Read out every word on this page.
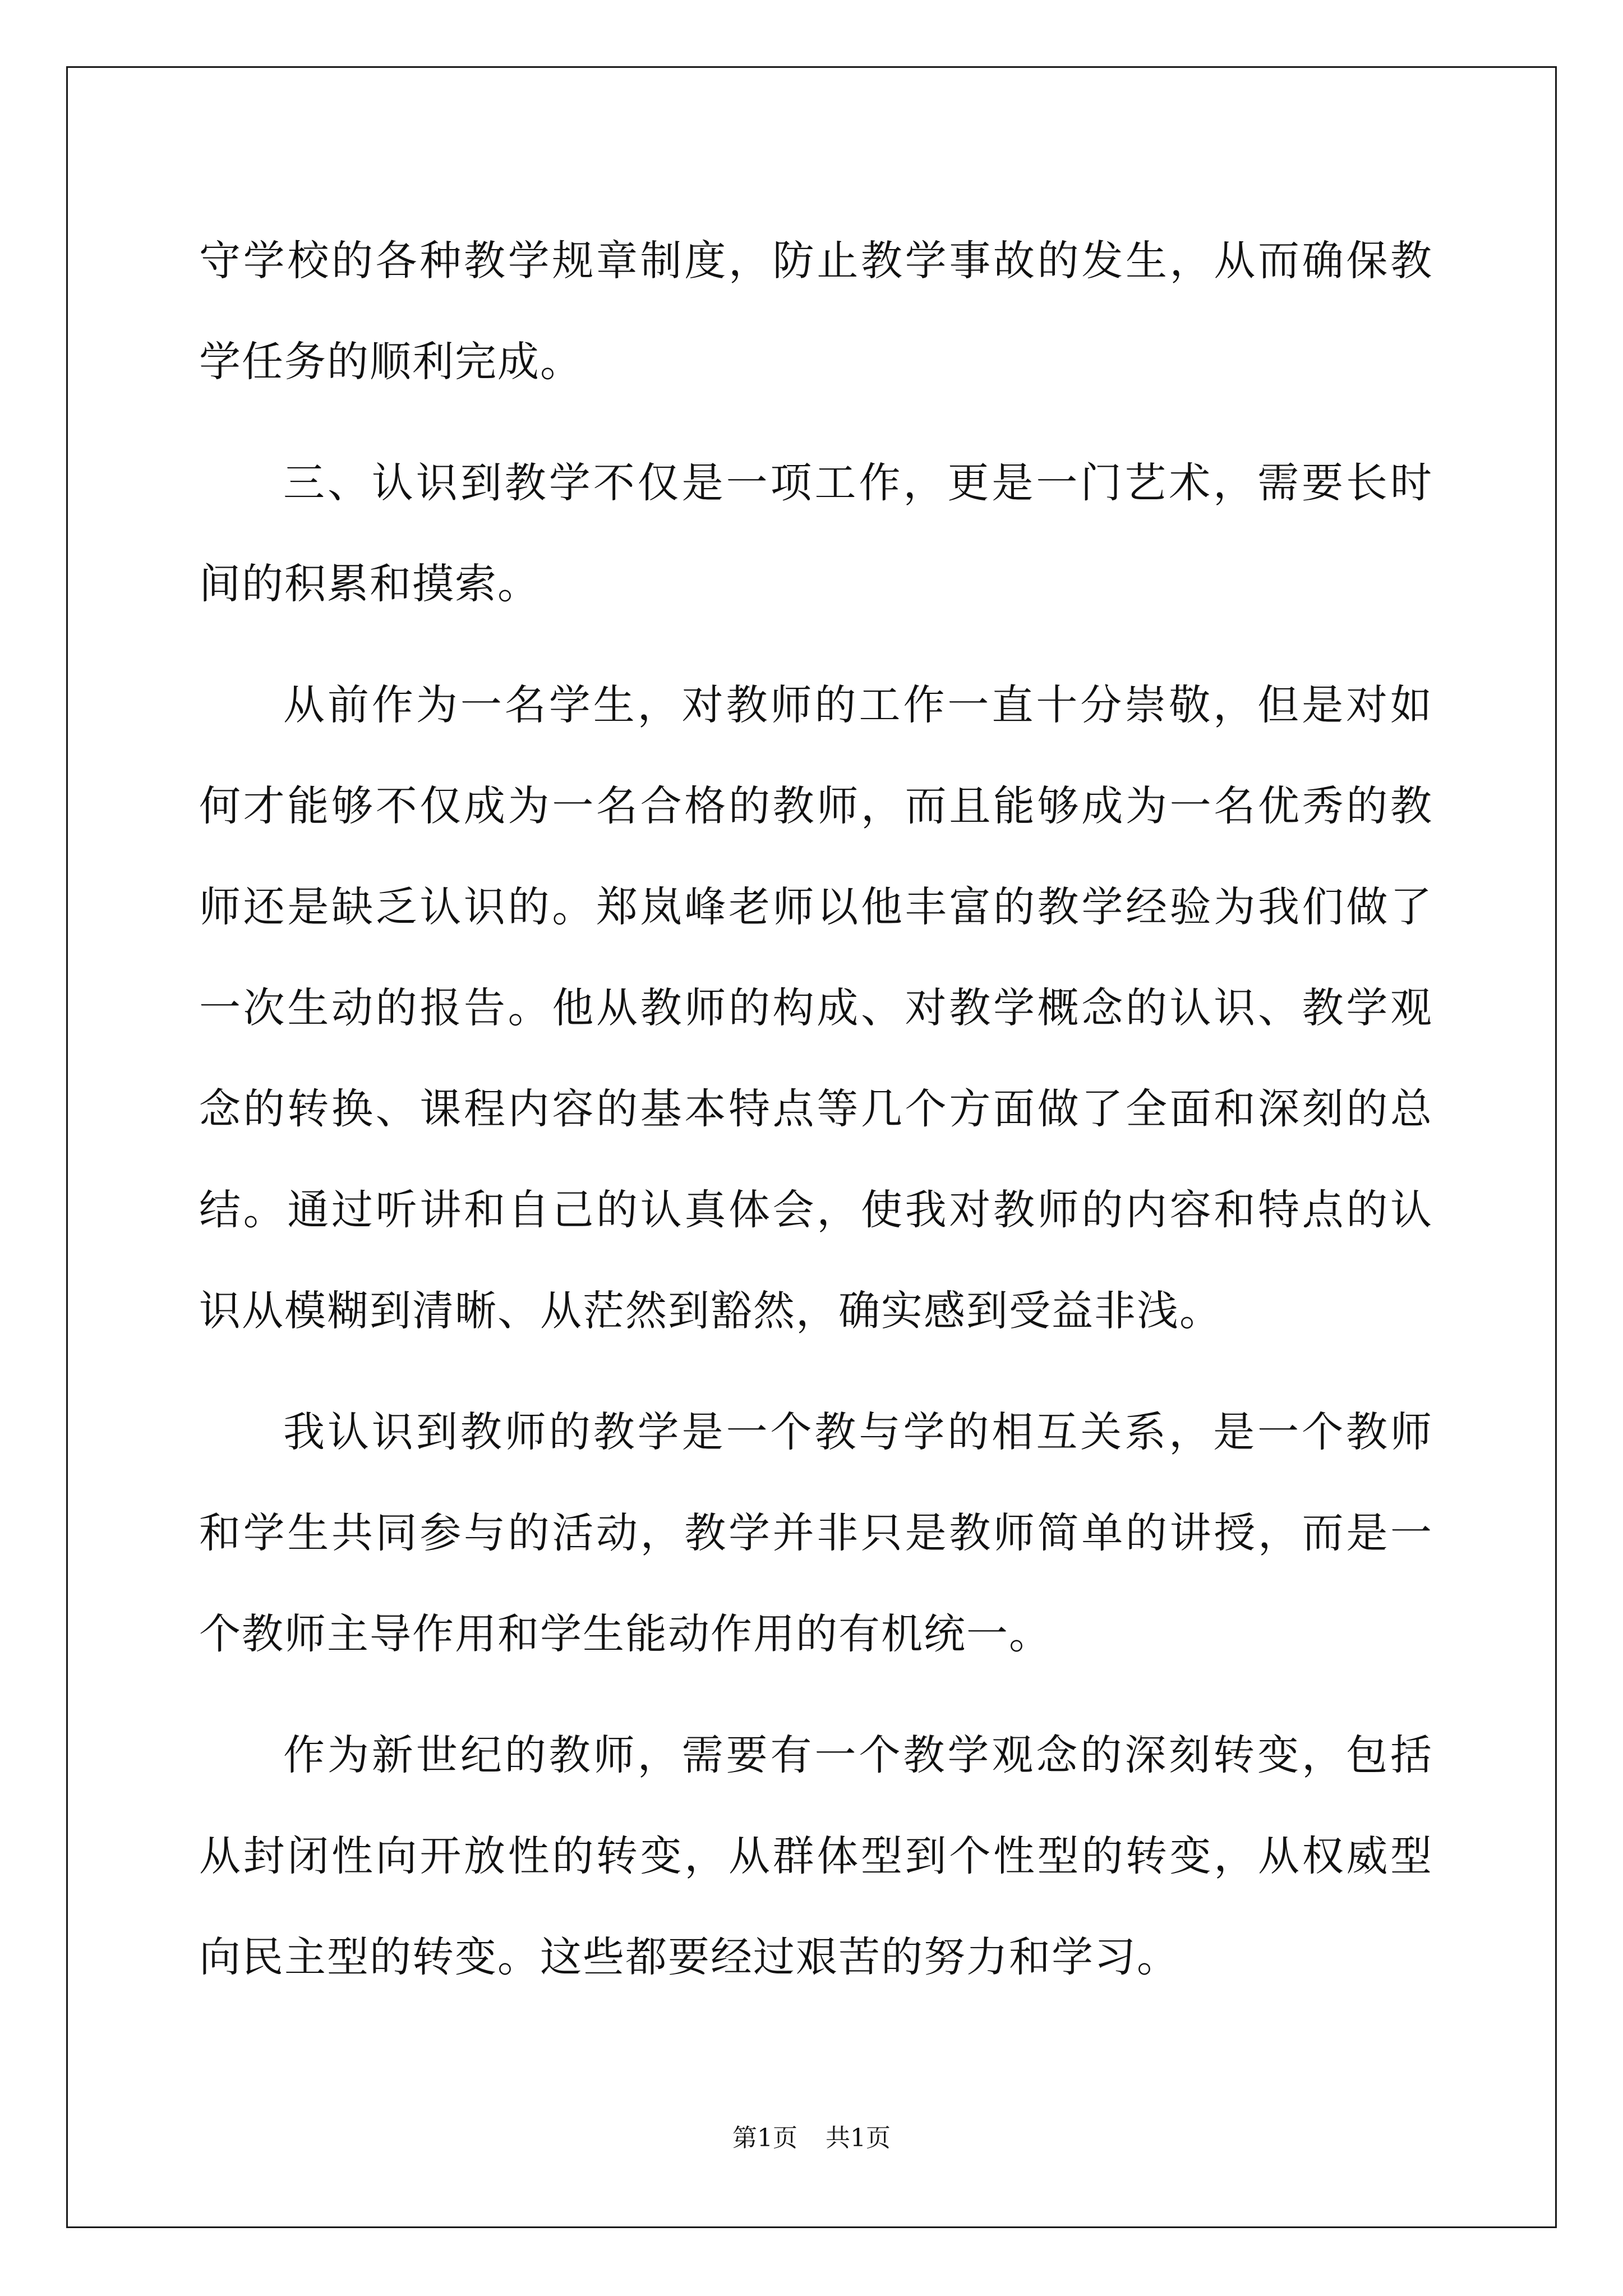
守学校的各种教学规章制度，防止教学事故的发生，从而确保教学任务的顺利完成。

三、认识到教学不仅是一项工作，更是一门艺术，需要长时间的积累和摸索。

从前作为一名学生，对教师的工作一直十分崇敬，但是对如何才能够不仅成为一名合格的教师，而且能够成为一名优秀的教师还是缺乏认识的。郑岚峰老师以他丰富的教学经验为我们做了一次生动的报告。他从教师的构成、对教学概念的认识、教学观念的转换、课程内容的基本特点等几个方面做了全面和深刻的总结。通过听讲和自己的认真体会，使我对教师的内容和特点的认识从模糊到清晰、从茫然到豁然，确实感到受益非浅。

我认识到教师的教学是一个教与学的相互关系，是一个教师和学生共同参与的活动，教学并非只是教师简单的讲授，而是一个教师主导作用和学生能动作用的有机统一。

作为新世纪的教师，需要有一个教学观念的深刻转变，包括从封闭性向开放性的转变，从群体型到个性型的转变，从权威型向民主型的转变。这些都要经过艰苦的努力和学习。

第1页 共1页
